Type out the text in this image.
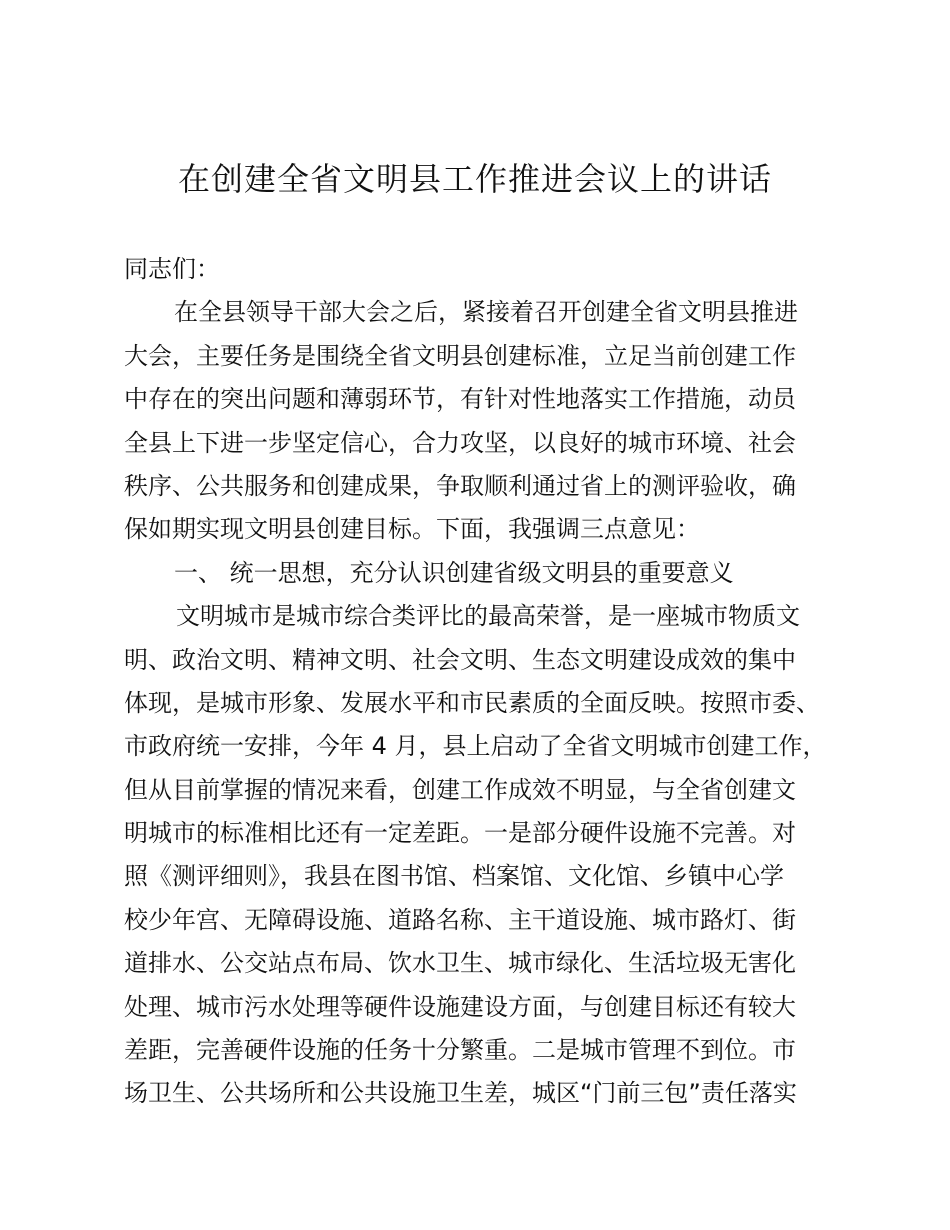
在创建全省文明县工作推进会议上的讲话
同志们：
在全县领导干部大会之后，紧接着召开创建全省文明县推进
大会，主要任务是围绕全省文明县创建标准，立足当前创建工作
中存在的突出问题和薄弱环节，有针对性地落实工作措施，动员
全县上下进一步坚定信心，合力攻坚，以良好的城市环境、社会
秩序、公共服务和创建成果，争取顺利通过省上的测评验收，确
保如期实现文明县创建目标。下面，我强调三点意见：
一、 统一思想，充分认识创建省级文明县的重要意义
文明城市是城市综合类评比的最高荣誉，是一座城市物质文
明、政治文明、精神文明、社会文明、生态文明建设成效的集中
体现，是城市形象、发展水平和市民素质的全面反映。按照市委、
市政府统一安排，今年 4 月，县上启动了全省文明城市创建工作，
但从目前掌握的情况来看，创建工作成效不明显，与全省创建文
明城市的标准相比还有一定差距。一是部分硬件设施不完善。对
照《测评细则》，我县在图书馆、档案馆、文化馆、乡镇中心学
校少年宫、无障碍设施、道路名称、主干道设施、城市路灯、街
道排水、公交站点布局、饮水卫生、城市绿化、生活垃圾无害化
处理、城市污水处理等硬件设施建设方面，与创建目标还有较大
差距，完善硬件设施的任务十分繁重。二是城市管理不到位。市
场卫生、公共场所和公共设施卫生差，城区“门前三包”责任落实
